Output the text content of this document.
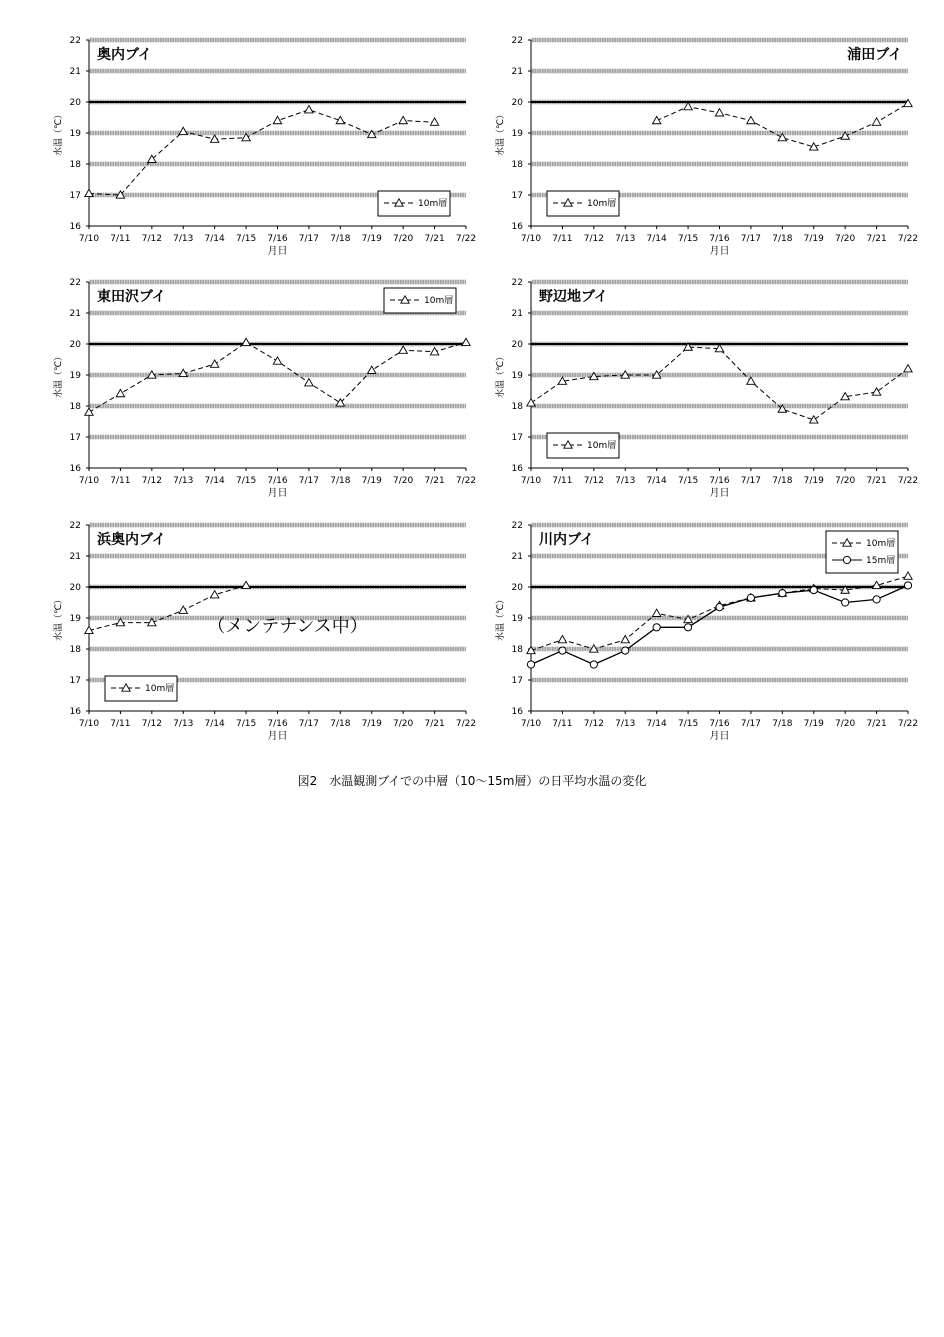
16
17
18
19
20
21
22
7/10 7/11 7/12 7/13 7/14 7/15 7/16 7/17 7/18 7/19 7/20 7/21 7/22
月日
水温（℃）
奥内ブイ
10m層
16
17
18
19
20
21
22
7/10 7/11 7/12 7/13 7/14 7/15 7/16 7/17 7/18 7/19 7/20 7/21 7/22
月日
水温（℃）
浦田ブイ
10m層
16
17
18
19
20
21
22
7/10 7/11 7/12 7/13 7/14 7/15 7/16 7/17 7/18 7/19 7/20 7/21 7/22
月日
水温（℃）
東田沢ブイ	10m層
16
17
18
19
20
21
22
7/10 7/11 7/12 7/13 7/14 7/15 7/16 7/17 7/18 7/19 7/20 7/21 7/22
月日
水温（℃）
野辺地ブイ
10m層
16
17
18
19
20
21
22
7/10 7/11 7/12 7/13 7/14 7/15 7/16 7/17 7/18 7/19 7/20 7/21 7/22
月日
水温（℃）
浜奥内ブイ
（メンテナンス中）
10m層
16
17
18
19
20
21
22
7/10 7/11 7/12 7/13 7/14 7/15 7/16 7/17 7/18 7/19 7/20 7/21 7/22
月日
水温（℃）
川内ブイ	10m層
15m層
図2　水温観測ブイでの中層（10〜15m層）の日平均水温の変化
